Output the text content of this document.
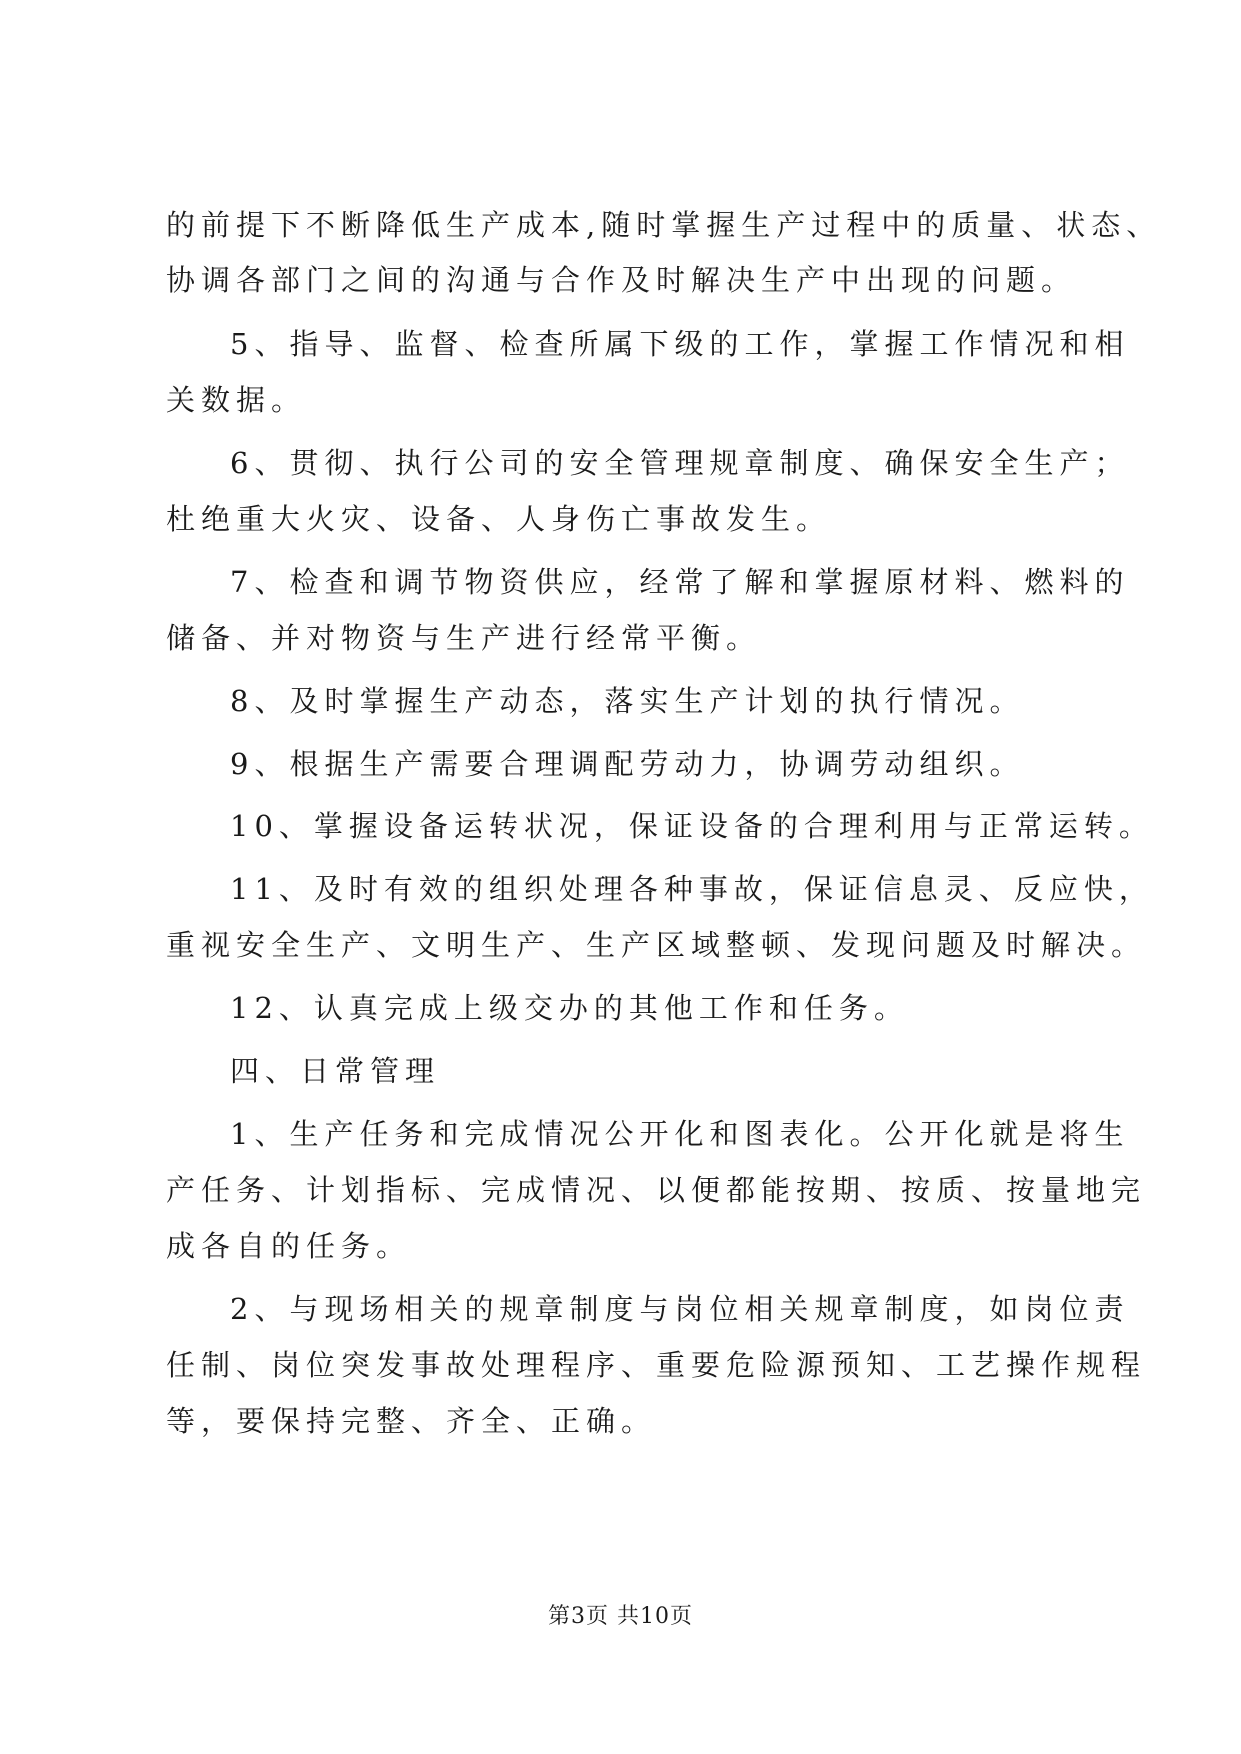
的前提下不断降低生产成本,随时掌握生产过程中的质量、状态、
协调各部门之间的沟通与合作及时解决生产中出现的问题。
5、指导、监督、检查所属下级的工作，掌握工作情况和相
关数据。
6、贯彻、执行公司的安全管理规章制度、确保安全生产；
杜绝重大火灾、设备、人身伤亡事故发生。
7、检查和调节物资供应，经常了解和掌握原材料、燃料的
储备、并对物资与生产进行经常平衡。
8、及时掌握生产动态，落实生产计划的执行情况。
9、根据生产需要合理调配劳动力，协调劳动组织。
10、掌握设备运转状况，保证设备的合理利用与正常运转。
11、及时有效的组织处理各种事故，保证信息灵、反应快，
重视安全生产、文明生产、生产区域整顿、发现问题及时解决。
12、认真完成上级交办的其他工作和任务。
四、日常管理
1、生产任务和完成情况公开化和图表化。公开化就是将生
产任务、计划指标、完成情况、以便都能按期、按质、按量地完
成各自的任务。
2、与现场相关的规章制度与岗位相关规章制度，如岗位责
任制、岗位突发事故处理程序、重要危险源预知、工艺操作规程
等，要保持完整、齐全、正确。
第3页 共10页
